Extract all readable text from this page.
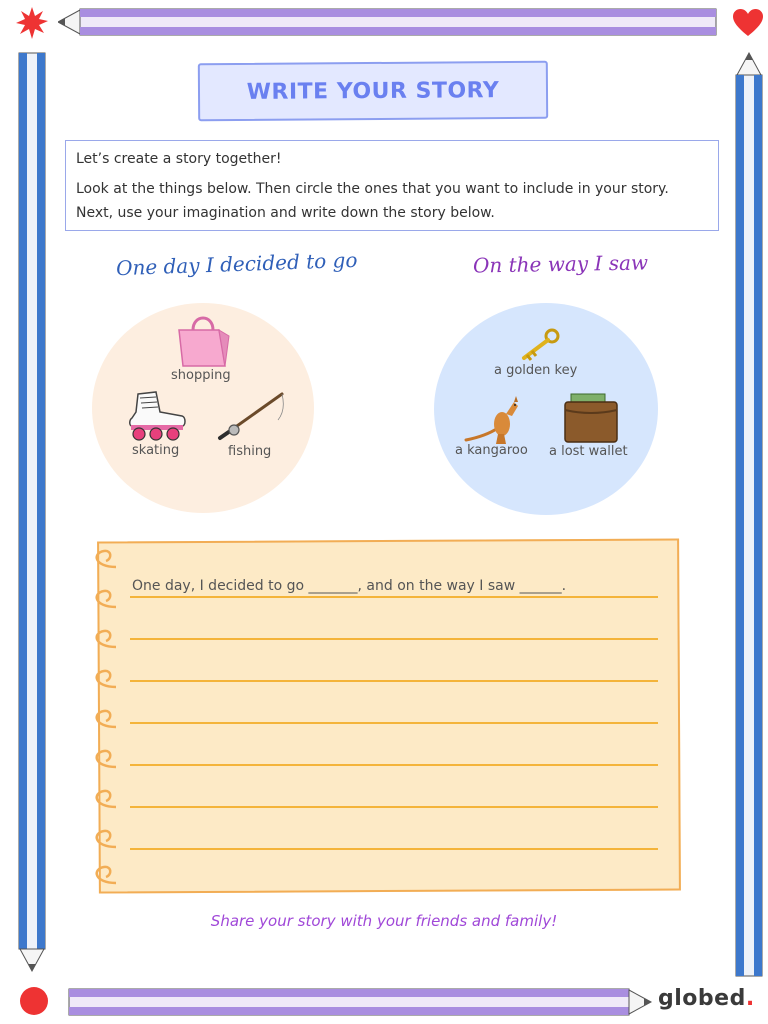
WRITE YOUR STORY

Let’s create a story together!

Look at the things below. Then circle the ones that you want to include in your story. Next, use your imagination and write down the story below.

One day I decided to go	On the way I saw
shopping
skating	fishing
a golden key
a kangaroo a lost wallet
One day, I decided to go _______, and on the way I saw ______.
Share your story with your friends and family!
globed.
